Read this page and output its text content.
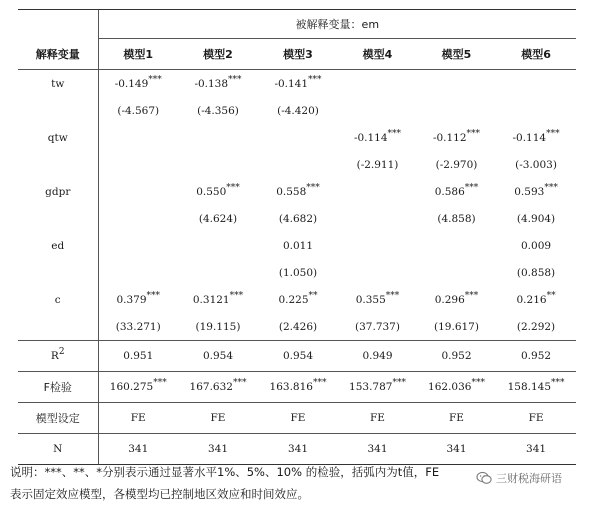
	被解释变量：em					
解释变量	模型1	模型2	模型3	模型4	模型5	模型6
tw	-0.149***	-0.138***	-0.141***			
	(-4.567)	(-4.356)	(-4.420)			
qtw				-0.114***	-0.112***	-0.114***
				(-2.911)	(-2.970)	(-3.003)
gdpr		0.550***	0.558***		0.586***	0.593***
		(4.624)	(4.682)		(4.858)	(4.904)
ed			0.011			0.009
			(1.050)			(0.858)
c	0.379***	0.3121***	0.225**	0.355***	0.296***	0.216**
	(33.271)	(19.115)	(2.426)	(37.737)	(19.617)	(2.292)
$R^2$	0.951	0.954	0.954	0.949	0.952	0.952
F检验	160.275***	167.632***	163.816***	153.787***	162.036***	158.145***
模型设定	FE	FE	FE	FE	FE	FE
N	341	341	341	341	341	341
说明：***、**、*分别表示通过显著水平1%、5%、10% 的检验，括弧内为t值，FE
表示固定效应模型，各模型均已控制地区效应和时间效应。
三财税海研语
